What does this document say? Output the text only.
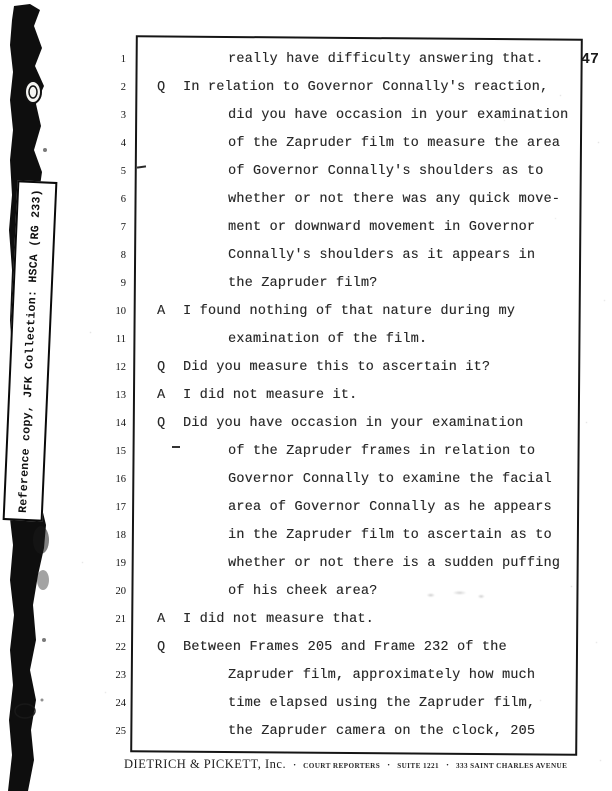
Reference copy, JFK Collection: HSCA (RG 233)
47
1	really have difficulty answering that.
2 Q In relation to Governor Connally's reaction,
3	did you have occasion in your examination
4	of the Zapruder film to measure the area
5	of Governor Connally's shoulders as to
6	whether or not there was any quick move-
7	ment or downward movement in Governor
8	Connally's shoulders as it appears in
9	the Zapruder film?
10 A I found nothing of that nature during my
11	examination of the film.
12 Q Did you measure this to ascertain it?
13 A I did not measure it.
14 Q Did you have occasion in your examination
15	of the Zapruder frames in relation to
16	Governor Connally to examine the facial
17	area of Governor Connally as he appears
18	in the Zapruder film to ascertain as to
19	whether or not there is a sudden puffing
20	of his cheek area?
21 A I did not measure that.
22 Q Between Frames 205 and Frame 232 of the
23	Zapruder film, approximately how much
24	time elapsed using the Zapruder film,
25	the Zapruder camera on the clock, 205
DIETRICH & PICKETT, Inc. · COURT REPORTERS · SUITE 1221 · 333 SAINT CHARLES AVENUE
